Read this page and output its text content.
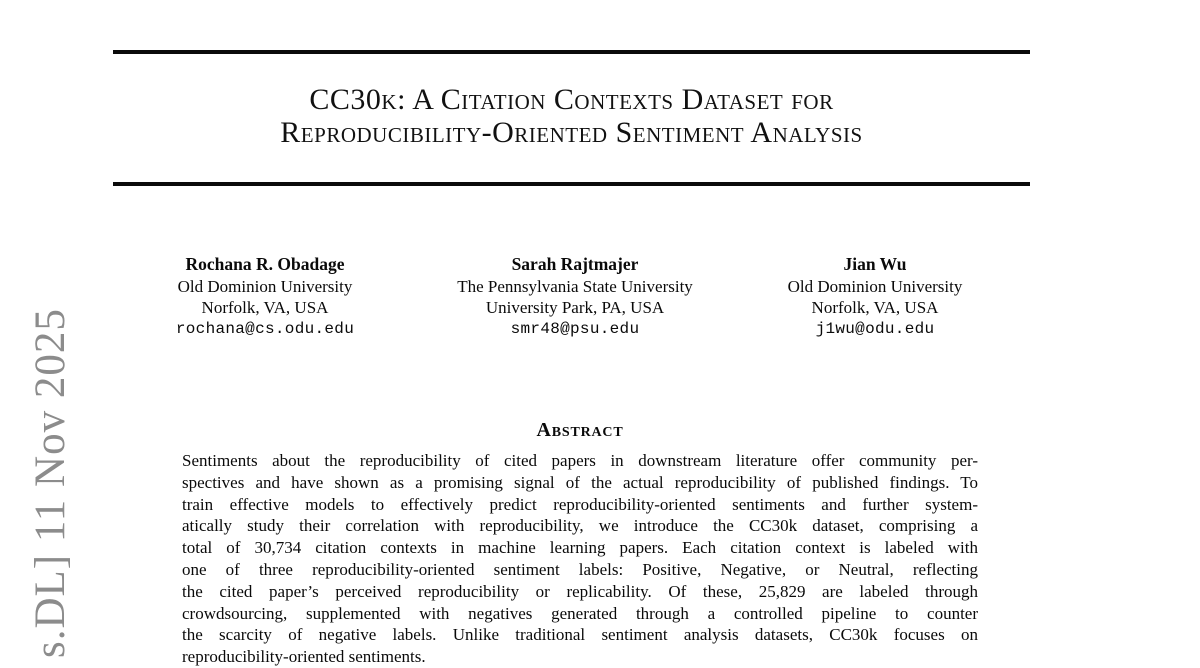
s.DL] 11 Nov 2025
CC30k: A Citation Contexts Dataset for
Reproducibility-Oriented Sentiment Analysis
Rochana R. Obadage
Old Dominion University
Norfolk, VA, USA
rochana@cs.odu.edu
Sarah Rajtmajer
The Pennsylvania State University
University Park, PA, USA
smr48@psu.edu
Jian Wu
Old Dominion University
Norfolk, VA, USA
j1wu@odu.edu
Abstract
Sentiments about the reproducibility of cited papers in downstream literature offer community per-
spectives and have shown as a promising signal of the actual reproducibility of published findings. To
train effective models to effectively predict reproducibility-oriented sentiments and further system-
atically study their correlation with reproducibility, we introduce the CC30k dataset, comprising a
total of 30,734 citation contexts in machine learning papers. Each citation context is labeled with
one of three reproducibility-oriented sentiment labels: Positive, Negative, or Neutral, reflecting
the cited paper’s perceived reproducibility or replicability. Of these, 25,829 are labeled through
crowdsourcing, supplemented with negatives generated through a controlled pipeline to counter
the scarcity of negative labels. Unlike traditional sentiment analysis datasets, CC30k focuses on
reproducibility-oriented sentiments.
